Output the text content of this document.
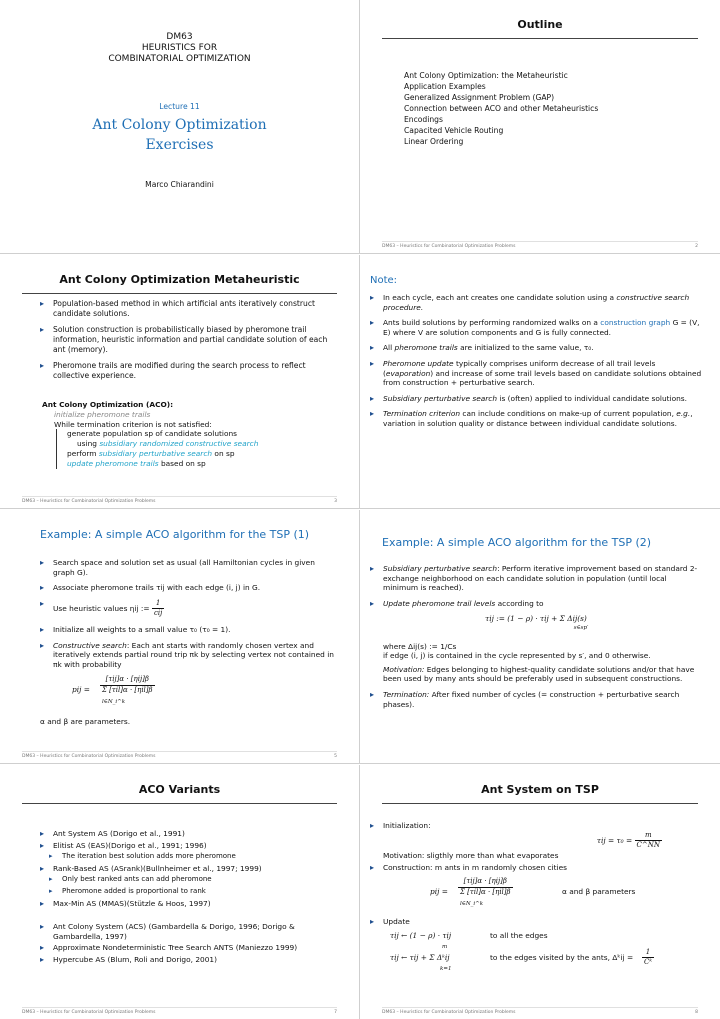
DM63
HEURISTICS FOR
COMBINATORIAL OPTIMIZATION
Lecture 11
Ant Colony Optimization
Exercises
Marco Chiarandini
Outline
Ant Colony Optimization: the Metaheuristic
Application Examples
Generalized Assignment Problem (GAP)
Connection between ACO and other Metaheuristics
Encodings
Capacited Vehicle Routing
Linear Ordering
DM63 – Heuristics for Combinatorial Optimization Problems	2
Ant Colony Optimization Metaheuristic
▸ Population-based method in which artificial ants iteratively construct candidate solutions.
▸ Solution construction is probabilistically biased by pheromone trail information, heuristic information and partial candidate solution of each ant (memory).
▸ Pheromone trails are modified during the search process to reflect collective experience.
Ant Colony Optimization (ACO):
initialize pheromone trails
While termination criterion is not satisfied:
generate population sp of candidate solutions
using subsidiary randomized constructive search
perform subsidiary perturbative search on sp
update pheromone trails based on sp
DM63 – Heuristics for Combinatorial Optimization Problems	3
Note:
▸ In each cycle, each ant creates one candidate solution using a constructive search procedure.
▸ Ants build solutions by performing randomized walks on a construction graph G = (V, E) where V are solution components and G is fully connected.
▸ All pheromone trails are initialized to the same value, τ₀.
▸ Pheromone update typically comprises uniform decrease of all trail levels (evaporation) and increase of some trail levels based on candidate solutions obtained from construction + perturbative search.
▸ Subsidiary perturbative search is (often) applied to individual candidate solutions.
▸ Termination criterion can include conditions on make-up of current population, e.g., variation in solution quality or distance between individual candidate solutions.
Example: A simple ACO algorithm for the TSP (1)
▸ Search space and solution set as usual (all Hamiltonian cycles in given graph G).
▸ Associate pheromone trails τij with each edge (i, j) in G.
▸ Use heuristic values ηij := $\frac{1}{\text{cij}}$
▸ Initialize all weights to a small value τ₀ (τ₀ = 1).
▸ Constructive search: Each ant starts with randomly chosen vertex and iteratively extends partial round trip πk by selecting vertex not contained in πk with probability
pij =
[τij]α · [ηij]β
Σ [τil]α · [ηil]β
l∈N_i^k
α and β are parameters.
DM63 – Heuristics for Combinatorial Optimization Problems	5
Example: A simple ACO algorithm for the TSP (2)
▸ Subsidiary perturbative search: Perform iterative improvement based on standard 2-exchange neighborhood on each candidate solution in population (until local minimum is reached).
▸ Update pheromone trail levels according to
τij := (1 − ρ) · τij + Σ Δij(s)
s∈sp′
where Δij(s) := 1/Cs
if edge (i, j) is contained in the cycle represented by s′, and 0 otherwise.
Motivation: Edges belonging to highest-quality candidate solutions and/or that have been used by many ants should be preferably used in subsequent constructions.
▸ Termination: After fixed number of cycles (= construction + perturbative search phases).
ACO Variants
▸ Ant System AS (Dorigo et al., 1991)
▸ Elitist AS (EAS)(Dorigo et al., 1991; 1996)
▸ The iteration best solution adds more pheromone
▸ Rank-Based AS (ASrank)(Bullnheimer et al., 1997; 1999)
▸ Only best ranked ants can add pheromone
▸ Pheromone added is proportional to rank
▸ Max-Min AS (MMAS)(Stützle & Hoos, 1997)
▸ Ant Colony System (ACS) (Gambardella & Dorigo, 1996; Dorigo & Gambardella, 1997)
▸ Approximate Nondeterministic Tree Search ANTS (Maniezzo 1999)
▸ Hypercube AS (Blum, Roli and Dorigo, 2001)
DM63 – Heuristics for Combinatorial Optimization Problems	7
Ant System on TSP
▸ Initialization:
$\tau ij = \tau_0 = \frac{m}{C\^{}NN}$
Motivation: sligthly more than what evaporates
▸ Construction: m ants in m randomly chosen cities
pij =
[τij]α · [ηij]β
Σ [τil]α · [ηil]β
l∈N_i^k
α and β parameters
▸ Update
τij ← (1 − ρ) · τij	to all the edges
m
τij ← τij + Σ Δᵏij
k=1
to the edges visited by the ants, Δᵏij = $\frac{1}{\text{Cᵏ}}$
DM63 – Heuristics for Combinatorial Optimization Problems	8
